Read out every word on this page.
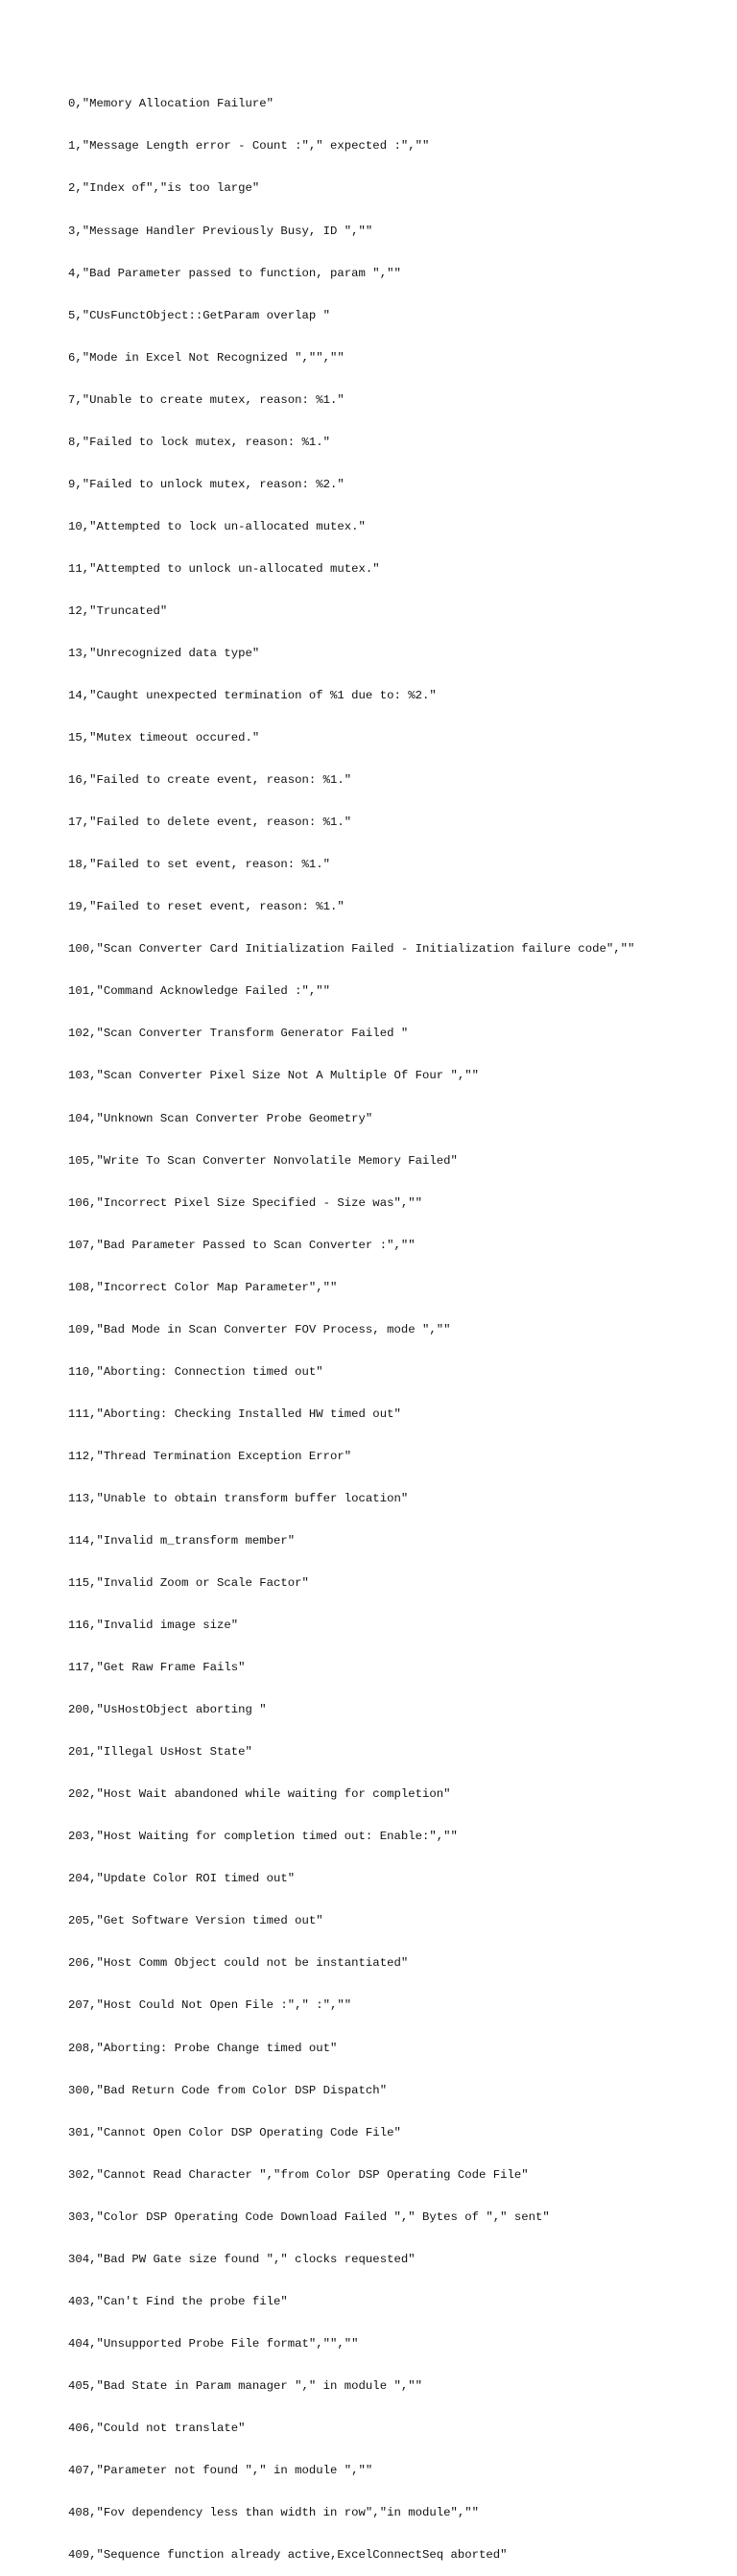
0,"Memory Allocation Failure"

1,"Message Length error - Count :"," expected :",""

2,"Index of","is too large"

3,"Message Handler Previously Busy, ID ",""

4,"Bad Parameter passed to function, param ",""

5,"CUsFunctObject::GetParam overlap "

6,"Mode in Excel Not Recognized ","",""

7,"Unable to create mutex, reason: %1."

8,"Failed to lock mutex, reason: %1."

9,"Failed to unlock mutex, reason: %2."

10,"Attempted to lock un-allocated mutex."

11,"Attempted to unlock un-allocated mutex."

12,"Truncated"

13,"Unrecognized data type"

14,"Caught unexpected termination of %1 due to: %2."

15,"Mutex timeout occured."

16,"Failed to create event, reason: %1."

17,"Failed to delete event, reason: %1."

18,"Failed to set event, reason: %1."

19,"Failed to reset event, reason: %1."

100,"Scan Converter Card Initialization Failed - Initialization failure code",""

101,"Command Acknowledge Failed :",""

102,"Scan Converter Transform Generator Failed "

103,"Scan Converter Pixel Size Not A Multiple Of Four ",""

104,"Unknown Scan Converter Probe Geometry"

105,"Write To Scan Converter Nonvolatile Memory Failed"

106,"Incorrect Pixel Size Specified - Size was",""

107,"Bad Parameter Passed to Scan Converter :",""

108,"Incorrect Color Map Parameter",""

109,"Bad Mode in Scan Converter FOV Process, mode ",""

110,"Aborting: Connection timed out"

111,"Aborting: Checking Installed HW timed out"

112,"Thread Termination Exception Error"

113,"Unable to obtain transform buffer location"

114,"Invalid m_transform member"

115,"Invalid Zoom or Scale Factor"

116,"Invalid image size"

117,"Get Raw Frame Fails"

200,"UsHostObject aborting "

201,"Illegal UsHost State"

202,"Host Wait abandoned while waiting for completion"

203,"Host Waiting for completion timed out: Enable:",""

204,"Update Color ROI timed out"

205,"Get Software Version timed out"

206,"Host Comm Object could not be instantiated"

207,"Host Could Not Open File :"," :",""

208,"Aborting: Probe Change timed out"

300,"Bad Return Code from Color DSP Dispatch"

301,"Cannot Open Color DSP Operating Code File"

302,"Cannot Read Character ","from Color DSP Operating Code File"

303,"Color DSP Operating Code Download Failed "," Bytes of "," sent"

304,"Bad PW Gate size found "," clocks requested"

403,"Can't Find the probe file"

404,"Unsupported Probe File format","",""

405,"Bad State in Param manager "," in module ",""

406,"Could not translate"

407,"Parameter not found "," in module ",""

408,"Fov dependency less than width in row","in module",""

409,"Sequence function already active,ExcelConnectSeq aborted"
